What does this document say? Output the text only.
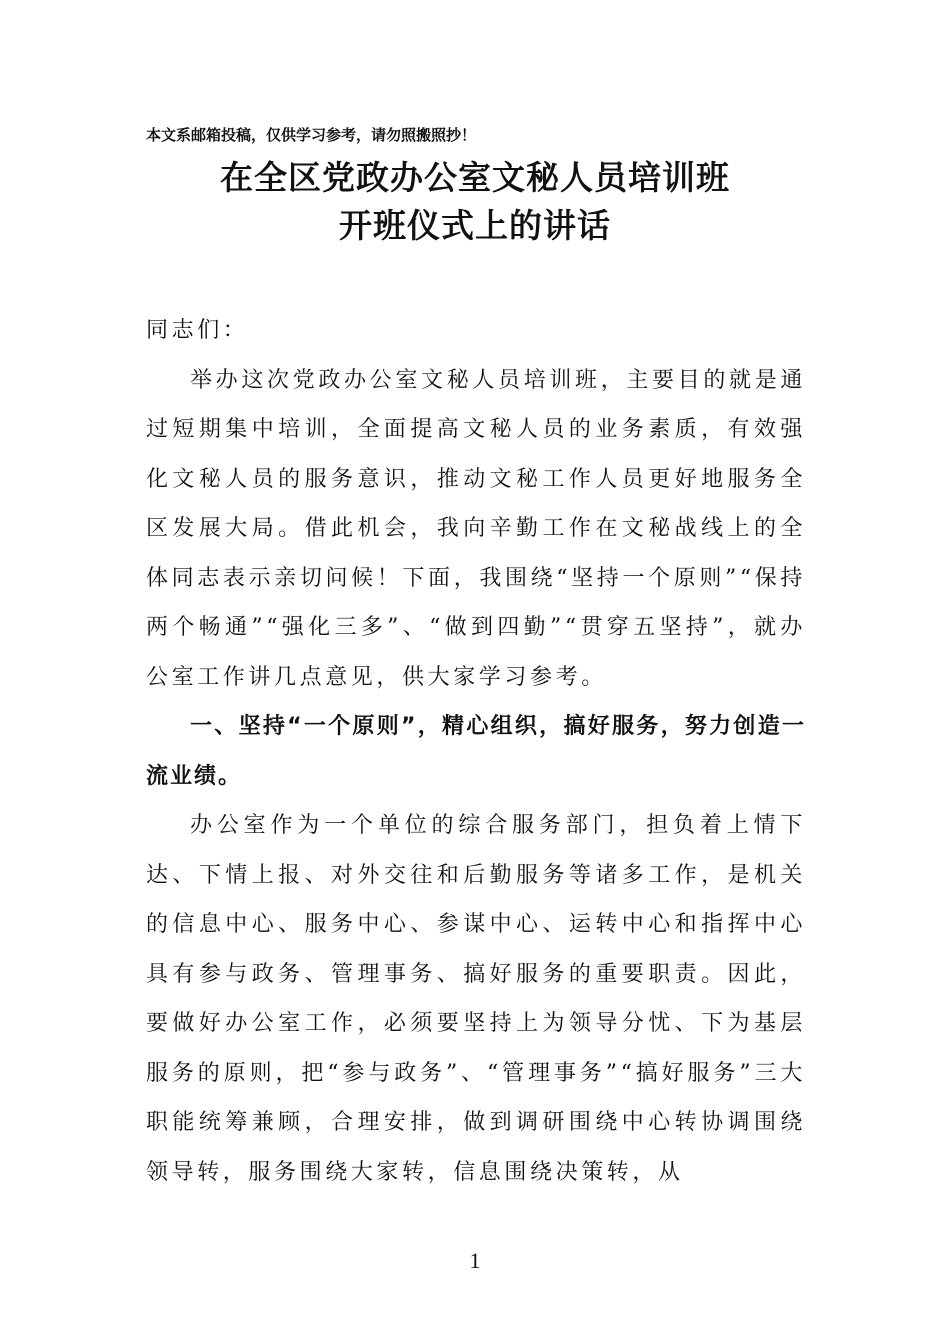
本文系邮箱投稿，仅供学习参考，请勿照搬照抄！
在全区党政办公室文秘人员培训班
开班仪式上的讲话

同志们：

举办这次党政办公室文秘人员培训班，主要目的就是通过短期集中培训，全面提高文秘人员的业务素质，有效强化文秘人员的服务意识，推动文秘工作人员更好地服务全区发展大局。借此机会，我向辛勤工作在文秘战线上的全体同志表示亲切问候！下面，我围绕“坚持一个原则”“保持两个畅通”“强化三多”、“做到四勤”“贯穿五坚持”，就办公室工作讲几点意见，供大家学习参考。

一、坚持“一个原则”，精心组织，搞好服务，努力创造一流业绩。

办公室作为一个单位的综合服务部门，担负着上情下达、下情上报、对外交往和后勤服务等诸多工作，是机关的信息中心、服务中心、参谋中心、运转中心和指挥中心具有参与政务、管理事务、搞好服务的重要职责。因此，要做好办公室工作，必须要坚持上为领导分忧、下为基层服务的原则，把“参与政务”、“管理事务”“搞好服务”三大职能统筹兼顾，合理安排，做到调研围绕中心转协调围绕领导转，服务围绕大家转，信息围绕决策转，从

1
